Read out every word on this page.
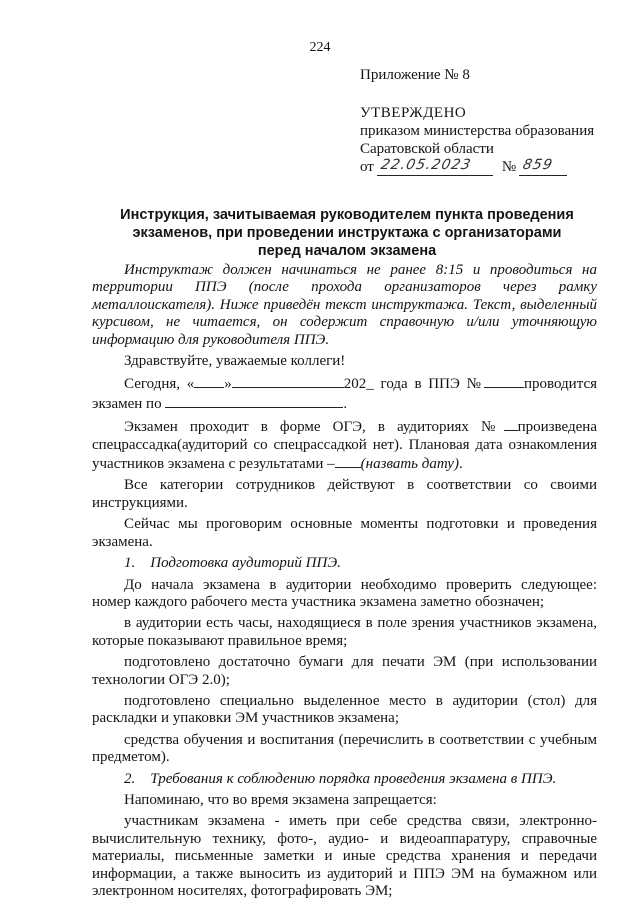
224
Приложение № 8
УТВЕРЖДЕНО
приказом министерства образования
Саратовской области
от 22.05.2023 № 859
Инструкция, зачитываемая руководителем пункта проведения экзаменов, при проведении инструктажа с организаторами перед началом экзамена

Инструктаж должен начинаться не ранее 8:15 и проводиться на территории ППЭ (после прохода организаторов через рамку металлоискателя). Ниже приведён текст инструктажа. Текст, выделенный курсивом, не читается, он содержит справочную и/или уточняющую информацию для руководителя ППЭ.

Здравствуйте, уважаемые коллеги!

Сегодня, « »	202_ года в ППЭ №	проводится экзамен по	.

Экзамен проходит в форме ОГЭ, в аудиториях № произведена спецрассадка(аудиторий со спецрассадкой нет). Плановая дата ознакомления участников экзамена с результатами – (назвать дату).

Все категории сотрудников действуют в соответствии со своими инструкциями.

Сейчас мы проговорим основные моменты подготовки и проведения экзамена.

1.    Подготовка аудиторий ППЭ.

До начала экзамена в аудитории необходимо проверить следующее: номер каждого рабочего места участника экзамена заметно обозначен;

в аудитории есть часы, находящиеся в поле зрения участников экзамена, которые показывают правильное время;

подготовлено достаточно бумаги для печати ЭМ (при использовании технологии ОГЭ 2.0);

подготовлено специально выделенное место в аудитории (стол) для раскладки и упаковки ЭМ участников экзамена;

средства обучения и воспитания (перечислить в соответствии с учебным предметом).

2.    Требования к соблюдению порядка проведения экзамена в ППЭ.

Напоминаю, что во время экзамена запрещается:

участникам экзамена - иметь при себе средства связи, электронно-вычислительную технику, фото-, аудио- и видеоаппаратуру, справочные материалы, письменные заметки и иные средства хранения и передачи информации, а также выносить из аудиторий и ППЭ ЭМ на бумажном или электронном носителях, фотографировать ЭМ;
